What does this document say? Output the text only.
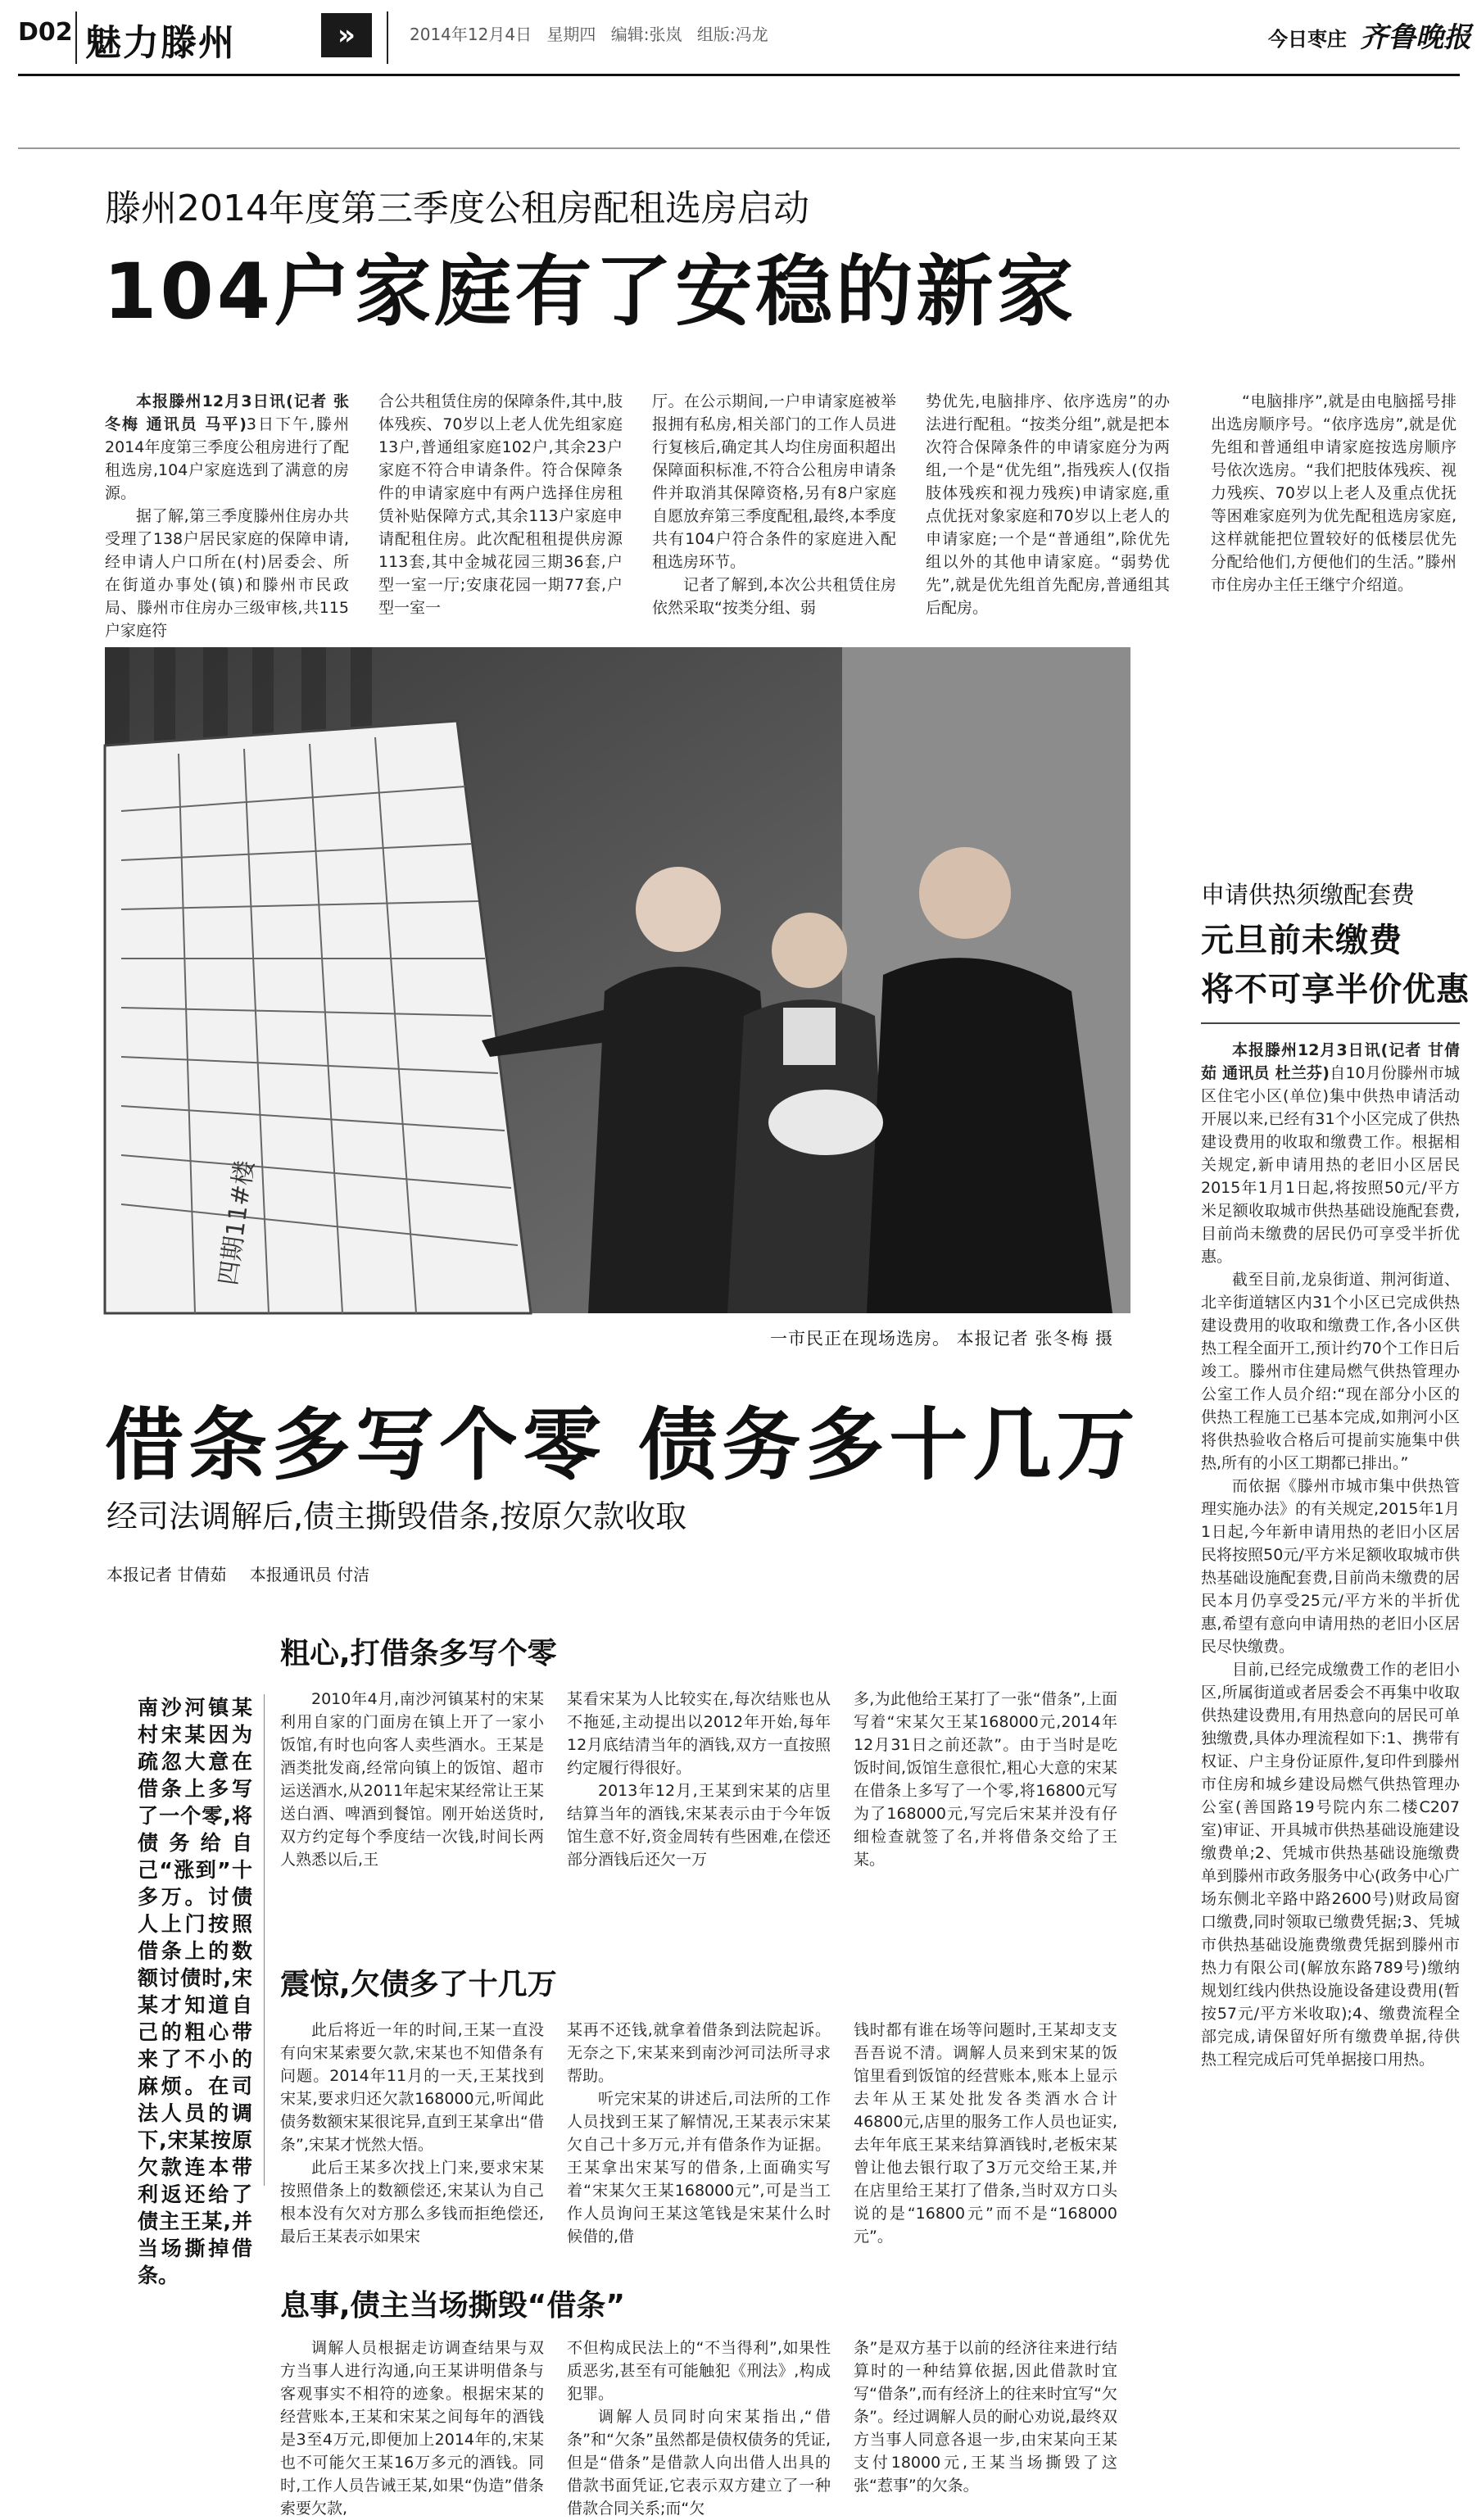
D02 魅力滕州	»	2014年12月4日 星期四 编辑:张岚 组版:冯龙	今日枣庄 齐鲁晚报
滕州2014年度第三季度公租房配租选房启动
104户家庭有了安稳的新家

本报滕州12月3日讯(记者 张冬梅 通讯员 马平)3日下午,滕州2014年度第三季度公租房进行了配租选房,104户家庭选到了满意的房源。

据了解,第三季度滕州住房办共受理了138户居民家庭的保障申请,经申请人户口所在(村)居委会、所在街道办事处(镇)和滕州市民政局、滕州市住房办三级审核,共115户家庭符

合公共租赁住房的保障条件,其中,肢体残疾、70岁以上老人优先组家庭13户,普通组家庭102户,其余23户家庭不符合申请条件。符合保障条件的申请家庭中有两户选择住房租赁补贴保障方式,其余113户家庭申请配租住房。此次配租租提供房源113套,其中金城花园三期36套,户型一室一厅;安康花园一期77套,户型一室一

厅。在公示期间,一户申请家庭被举报拥有私房,相关部门的工作人员进行复核后,确定其人均住房面积超出保障面积标准,不符合公租房申请条件并取消其保障资格,另有8户家庭自愿放弃第三季度配租,最终,本季度共有104户符合条件的家庭进入配租选房环节。

记者了解到,本次公共租赁住房依然采取“按类分组、弱

势优先,电脑排序、依序选房”的办法进行配租。“按类分组”,就是把本次符合保障条件的申请家庭分为两组,一个是“优先组”,指残疾人(仅指肢体残疾和视力残疾)申请家庭,重点优抚对象家庭和70岁以上老人的申请家庭;一个是“普通组”,除优先组以外的其他申请家庭。“弱势优先”,就是优先组首先配房,普通组其后配房。

“电脑排序”,就是由电脑摇号排出选房顺序号。“依序选房”,就是优先组和普通组申请家庭按选房顺序号依次选房。“我们把肢体残疾、视力残疾、70岁以上老人及重点优抚等困难家庭列为优先配租选房家庭,这样就能把位置较好的低楼层优先分配给他们,方便他们的生活。”滕州市住房办主任王继宁介绍道。

四期11#楼
一市民正在现场选房。 本报记者 张冬梅 摄
申请供热须缴配套费
元旦前未缴费
将不可享半价优惠

本报滕州12月3日讯(记者 甘倩茹 通讯员 杜兰芬)自10月份滕州市城区住宅小区(单位)集中供热申请活动开展以来,已经有31个小区完成了供热建设费用的收取和缴费工作。根据相关规定,新申请用热的老旧小区居民2015年1月1日起,将按照50元/平方米足额收取城市供热基础设施配套费,目前尚未缴费的居民仍可享受半折优惠。

截至目前,龙泉街道、荆河街道、北辛街道辖区内31个小区已完成供热建设费用的收取和缴费工作,各小区供热工程全面开工,预计约70个工作日后竣工。滕州市住建局燃气供热管理办公室工作人员介绍:“现在部分小区的供热工程施工已基本完成,如荆河小区将供热验收合格后可提前实施集中供热,所有的小区工期都已排出。”

而依据《滕州市城市集中供热管理实施办法》的有关规定,2015年1月1日起,今年新申请用热的老旧小区居民将按照50元/平方米足额收取城市供热基础设施配套费,目前尚未缴费的居民本月仍享受25元/平方米的半折优惠,希望有意向申请用热的老旧小区居民尽快缴费。

目前,已经完成缴费工作的老旧小区,所属街道或者居委会不再集中收取供热建设费用,有用热意向的居民可单独缴费,具体办理流程如下:1、携带有权证、户主身份证原件,复印件到滕州市住房和城乡建设局燃气供热管理办公室(善国路19号院内东二楼C207室)审证、开具城市供热基础设施建设缴费单;2、凭城市供热基础设施缴费单到滕州市政务服务中心(政务中心广场东侧北辛路中路2600号)财政局窗口缴费,同时领取已缴费凭据;3、凭城市供热基础设施费缴费凭据到滕州市热力有限公司(解放东路789号)缴纳规划红线内供热设施设备建设费用(暂按57元/平方米收取);4、缴费流程全部完成,请保留好所有缴费单据,待供热工程完成后可凭单据接口用热。

借条多写个零 债务多十几万
经司法调解后,债主撕毁借条,按原欠款收取
本报记者 甘倩茹 本报通讯员 付洁
南沙河镇某村宋某因为疏忽大意在借条上多写了一个零,将债务给自己“涨到”十多万。讨债人上门按照借条上的数额讨债时,宋某才知道自己的粗心带来了不小的麻烦。在司法人员的调下,宋某按原欠款连本带利返还给了债主王某,并当场撕掉借条。
粗心,打借条多写个零

2010年4月,南沙河镇某村的宋某利用自家的门面房在镇上开了一家小饭馆,有时也向客人卖些酒水。王某是酒类批发商,经常向镇上的饭馆、超市运送酒水,从2011年起宋某经常让王某送白酒、啤酒到餐馆。刚开始送货时,双方约定每个季度结一次钱,时间长两人熟悉以后,王

某看宋某为人比较实在,每次结账也从不拖延,主动提出以2012年开始,每年12月底结清当年的酒钱,双方一直按照约定履行得很好。

2013年12月,王某到宋某的店里结算当年的酒钱,宋某表示由于今年饭馆生意不好,资金周转有些困难,在偿还部分酒钱后还欠一万

多,为此他给王某打了一张“借条”,上面写着“宋某欠王某168000元,2014年12月31日之前还款”。由于当时是吃饭时间,饭馆生意很忙,粗心大意的宋某在借条上多写了一个零,将16800元写为了168000元,写完后宋某并没有仔细检查就签了名,并将借条交给了王某。

震惊,欠债多了十几万

此后将近一年的时间,王某一直没有向宋某索要欠款,宋某也不知借条有问题。2014年11月的一天,王某找到宋某,要求归还欠款168000元,听闻此债务数额宋某很诧异,直到王某拿出“借条”,宋某才恍然大悟。

此后王某多次找上门来,要求宋某按照借条上的数额偿还,宋某认为自己根本没有欠对方那么多钱而拒绝偿还,最后王某表示如果宋

某再不还钱,就拿着借条到法院起诉。无奈之下,宋某来到南沙河司法所寻求帮助。

听完宋某的讲述后,司法所的工作人员找到王某了解情况,王某表示宋某欠自己十多万元,并有借条作为证据。王某拿出宋某写的借条,上面确实写着“宋某欠王某168000元”,可是当工作人员询问王某这笔钱是宋某什么时候借的,借

钱时都有谁在场等问题时,王某却支支吾吾说不清。调解人员来到宋某的饭馆里看到饭馆的经营账本,账本上显示去年从王某处批发各类酒水合计46800元,店里的服务工作人员也证实,去年年底王某来结算酒钱时,老板宋某曾让他去银行取了3万元交给王某,并在店里给王某打了借条,当时双方口头说的是“16800元”而不是“168000元”。

息事,债主当场撕毁“借条”

调解人员根据走访调查结果与双方当事人进行沟通,向王某讲明借条与客观事实不相符的迹象。根据宋某的经营账本,王某和宋某之间每年的酒钱是3至4万元,即便加上2014年的,宋某也不可能欠王某16万多元的酒钱。同时,工作人员告诫王某,如果“伪造”借条索要欠款,

不但构成民法上的“不当得利”,如果性质恶劣,甚至有可能触犯《刑法》,构成犯罪。

调解人员同时向宋某指出,“借条”和“欠条”虽然都是债权债务的凭证,但是“借条”是借款人向出借人出具的借款书面凭证,它表示双方建立了一种借款合同关系;而“欠

条”是双方基于以前的经济往来进行结算时的一种结算依据,因此借款时宜写“借条”,而有经济上的往来时宜写“欠条”。经过调解人员的耐心劝说,最终双方当事人同意各退一步,由宋某向王某支付18000元,王某当场撕毁了这张“惹事”的欠条。
